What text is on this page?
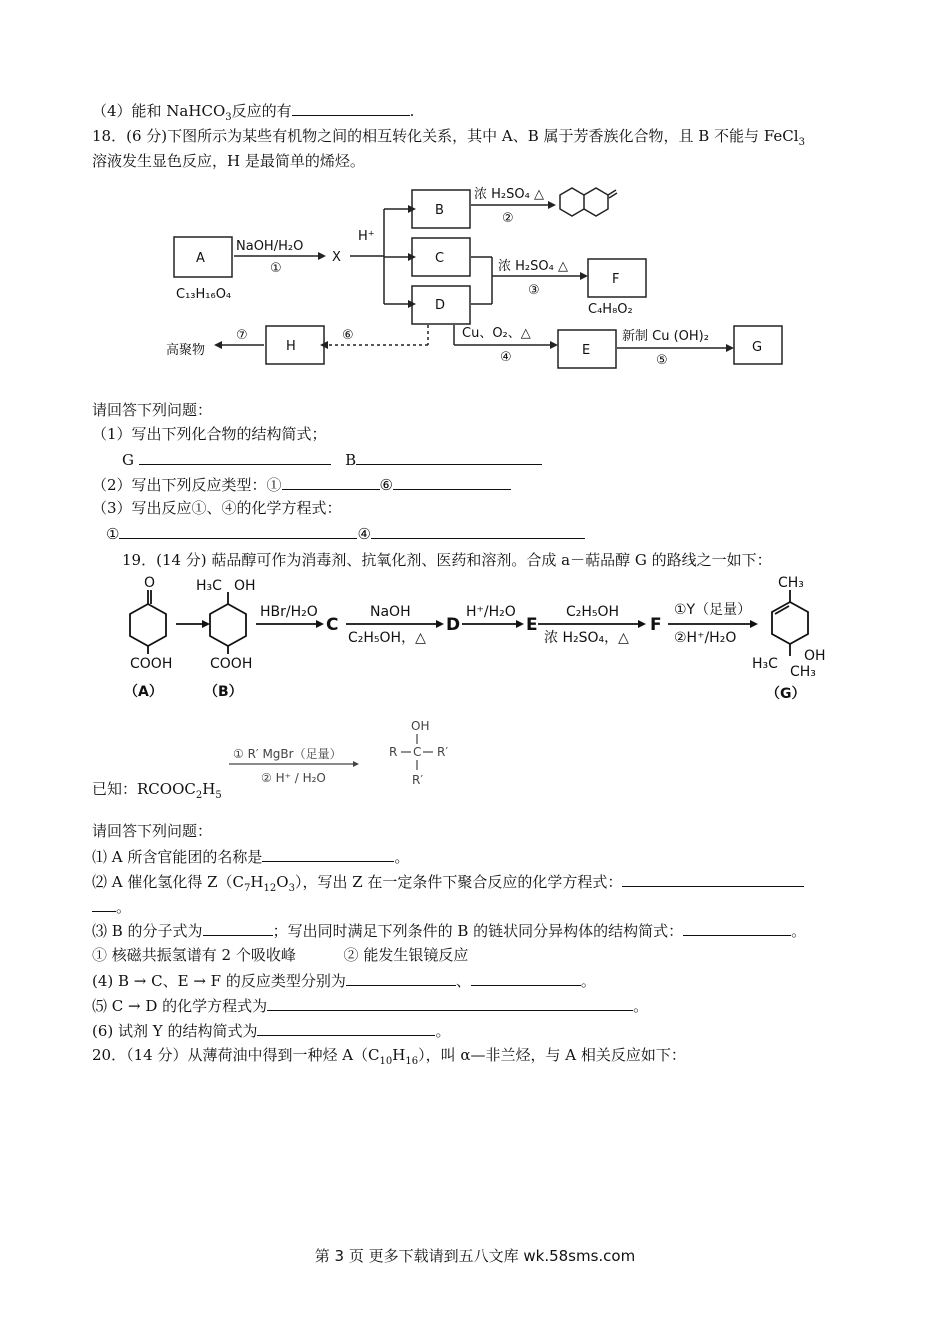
（4）能和 NaHCO$_3$反应的有	.
18．(6 分)下图所示为某些有机物之间的相互转化关系，其中 A、B 属于芳香族化合物，且 B 不能与 FeCl$_3$
溶液发生显色反应，H 是最简单的烯烃。
A
C₁₃H₁₆O₄
NaOH/H₂O
①
X
H⁺
B
C
D
浓 H₂SO₄ △
②
浓 H₂SO₄ △
③
F
C₄H₈O₂
Cu、O₂、△
④
H
⑥
⑦
高聚物	E
新制 Cu (OH)₂
⑤
G
请回答下列问题：
（1）写出下列化合物的结构简式；
G	B
（2）写出下列反应类型：①	⑥
（3）写出反应①、④的化学方程式：
①	④
19．(14 分) 萜品醇可作为消毒剂、抗氧化剂、医药和溶剂。合成 a－萜品醇 G 的路线之一如下：
O
COOH
H₃C OH
COOH
（A）	（B）
HBr/H₂O
C
NaOH
C₂H₅OH，△
D
H⁺/H₂O
E
C₂H₅OH
浓 H₂SO₄，△
F
①Y（足量）
②H⁺/H₂O
CH₃
H₃C OH
CH₃
（G）
① R′ MgBr（足量）
② H⁺ / H₂O
OH
R C R′
R′
已知：$RCOOC_2H_5$
请回答下列问题：
⑴ A 所含官能团的名称是	。
⑵ A 催化氢化得 $Z(C_7H_{12}O_3)$，写出 Z 在一定条件下聚合反应的化学方程式：
。
⑶ B 的分子式为	；写出同时满足下列条件的 B 的链状同分异构体的结构简式：	。
① 核磁共振氢谱有 2 个吸收峰	② 能发生银镜反应
(4) B → C、E → F 的反应类型分别为	、	。
⑸ C → D 的化学方程式为	。
(6) 试剂 Y 的结构简式为	。
20．（14 分）从薄荷油中得到一种烃 $A(C_{10}H_{16})$，叫 α—非兰烃，与 A 相关反应如下：
第 3 页 更多下载请到五八文库 wk.58sms.com
